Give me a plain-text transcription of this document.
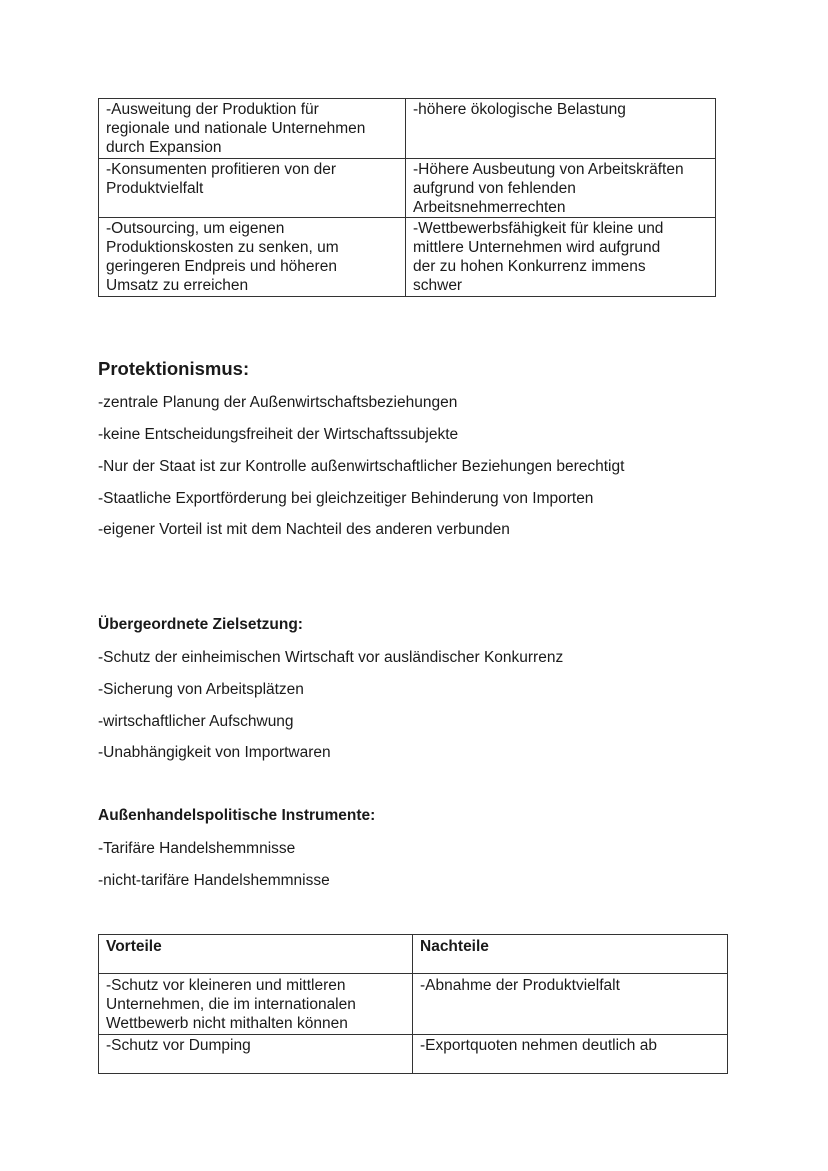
-Ausweitung der Produktion für
regionale und nationale Unternehmen
durch Expansion	-höhere ökologische Belastung

-Konsumenten profitieren von der
Produktvielfalt	-Höhere Ausbeutung von Arbeitskräften
aufgrund von fehlenden
Arbeitsnehmerrechten

-Outsourcing, um eigenen
Produktionskosten zu senken, um
geringeren Endpreis und höheren
Umsatz zu erreichen	-Wettbewerbsfähigkeit für kleine und
mittlere Unternehmen wird aufgrund
der zu hohen Konkurrenz immens
schwer
Protektionismus:
-zentrale Planung der Außenwirtschaftsbeziehungen
-keine Entscheidungsfreiheit der Wirtschaftssubjekte
-Nur der Staat ist zur Kontrolle außenwirtschaftlicher Beziehungen berechtigt
-Staatliche Exportförderung bei gleichzeitiger Behinderung von Importen
-eigener Vorteil ist mit dem Nachteil des anderen verbunden
Übergeordnete Zielsetzung:
-Schutz der einheimischen Wirtschaft vor ausländischer Konkurrenz
-Sicherung von Arbeitsplätzen
-wirtschaftlicher Aufschwung
-Unabhängigkeit von Importwaren
Außenhandelspolitische Instrumente:
-Tarifäre Handelshemmnisse
-nicht-tarifäre Handelshemmnisse
Vorteile	Nachteile

-Schutz vor kleineren und mittleren
Unternehmen, die im internationalen
Wettbewerb nicht mithalten können	-Abnahme der Produktvielfalt

-Schutz vor Dumping	-Exportquoten nehmen deutlich ab
